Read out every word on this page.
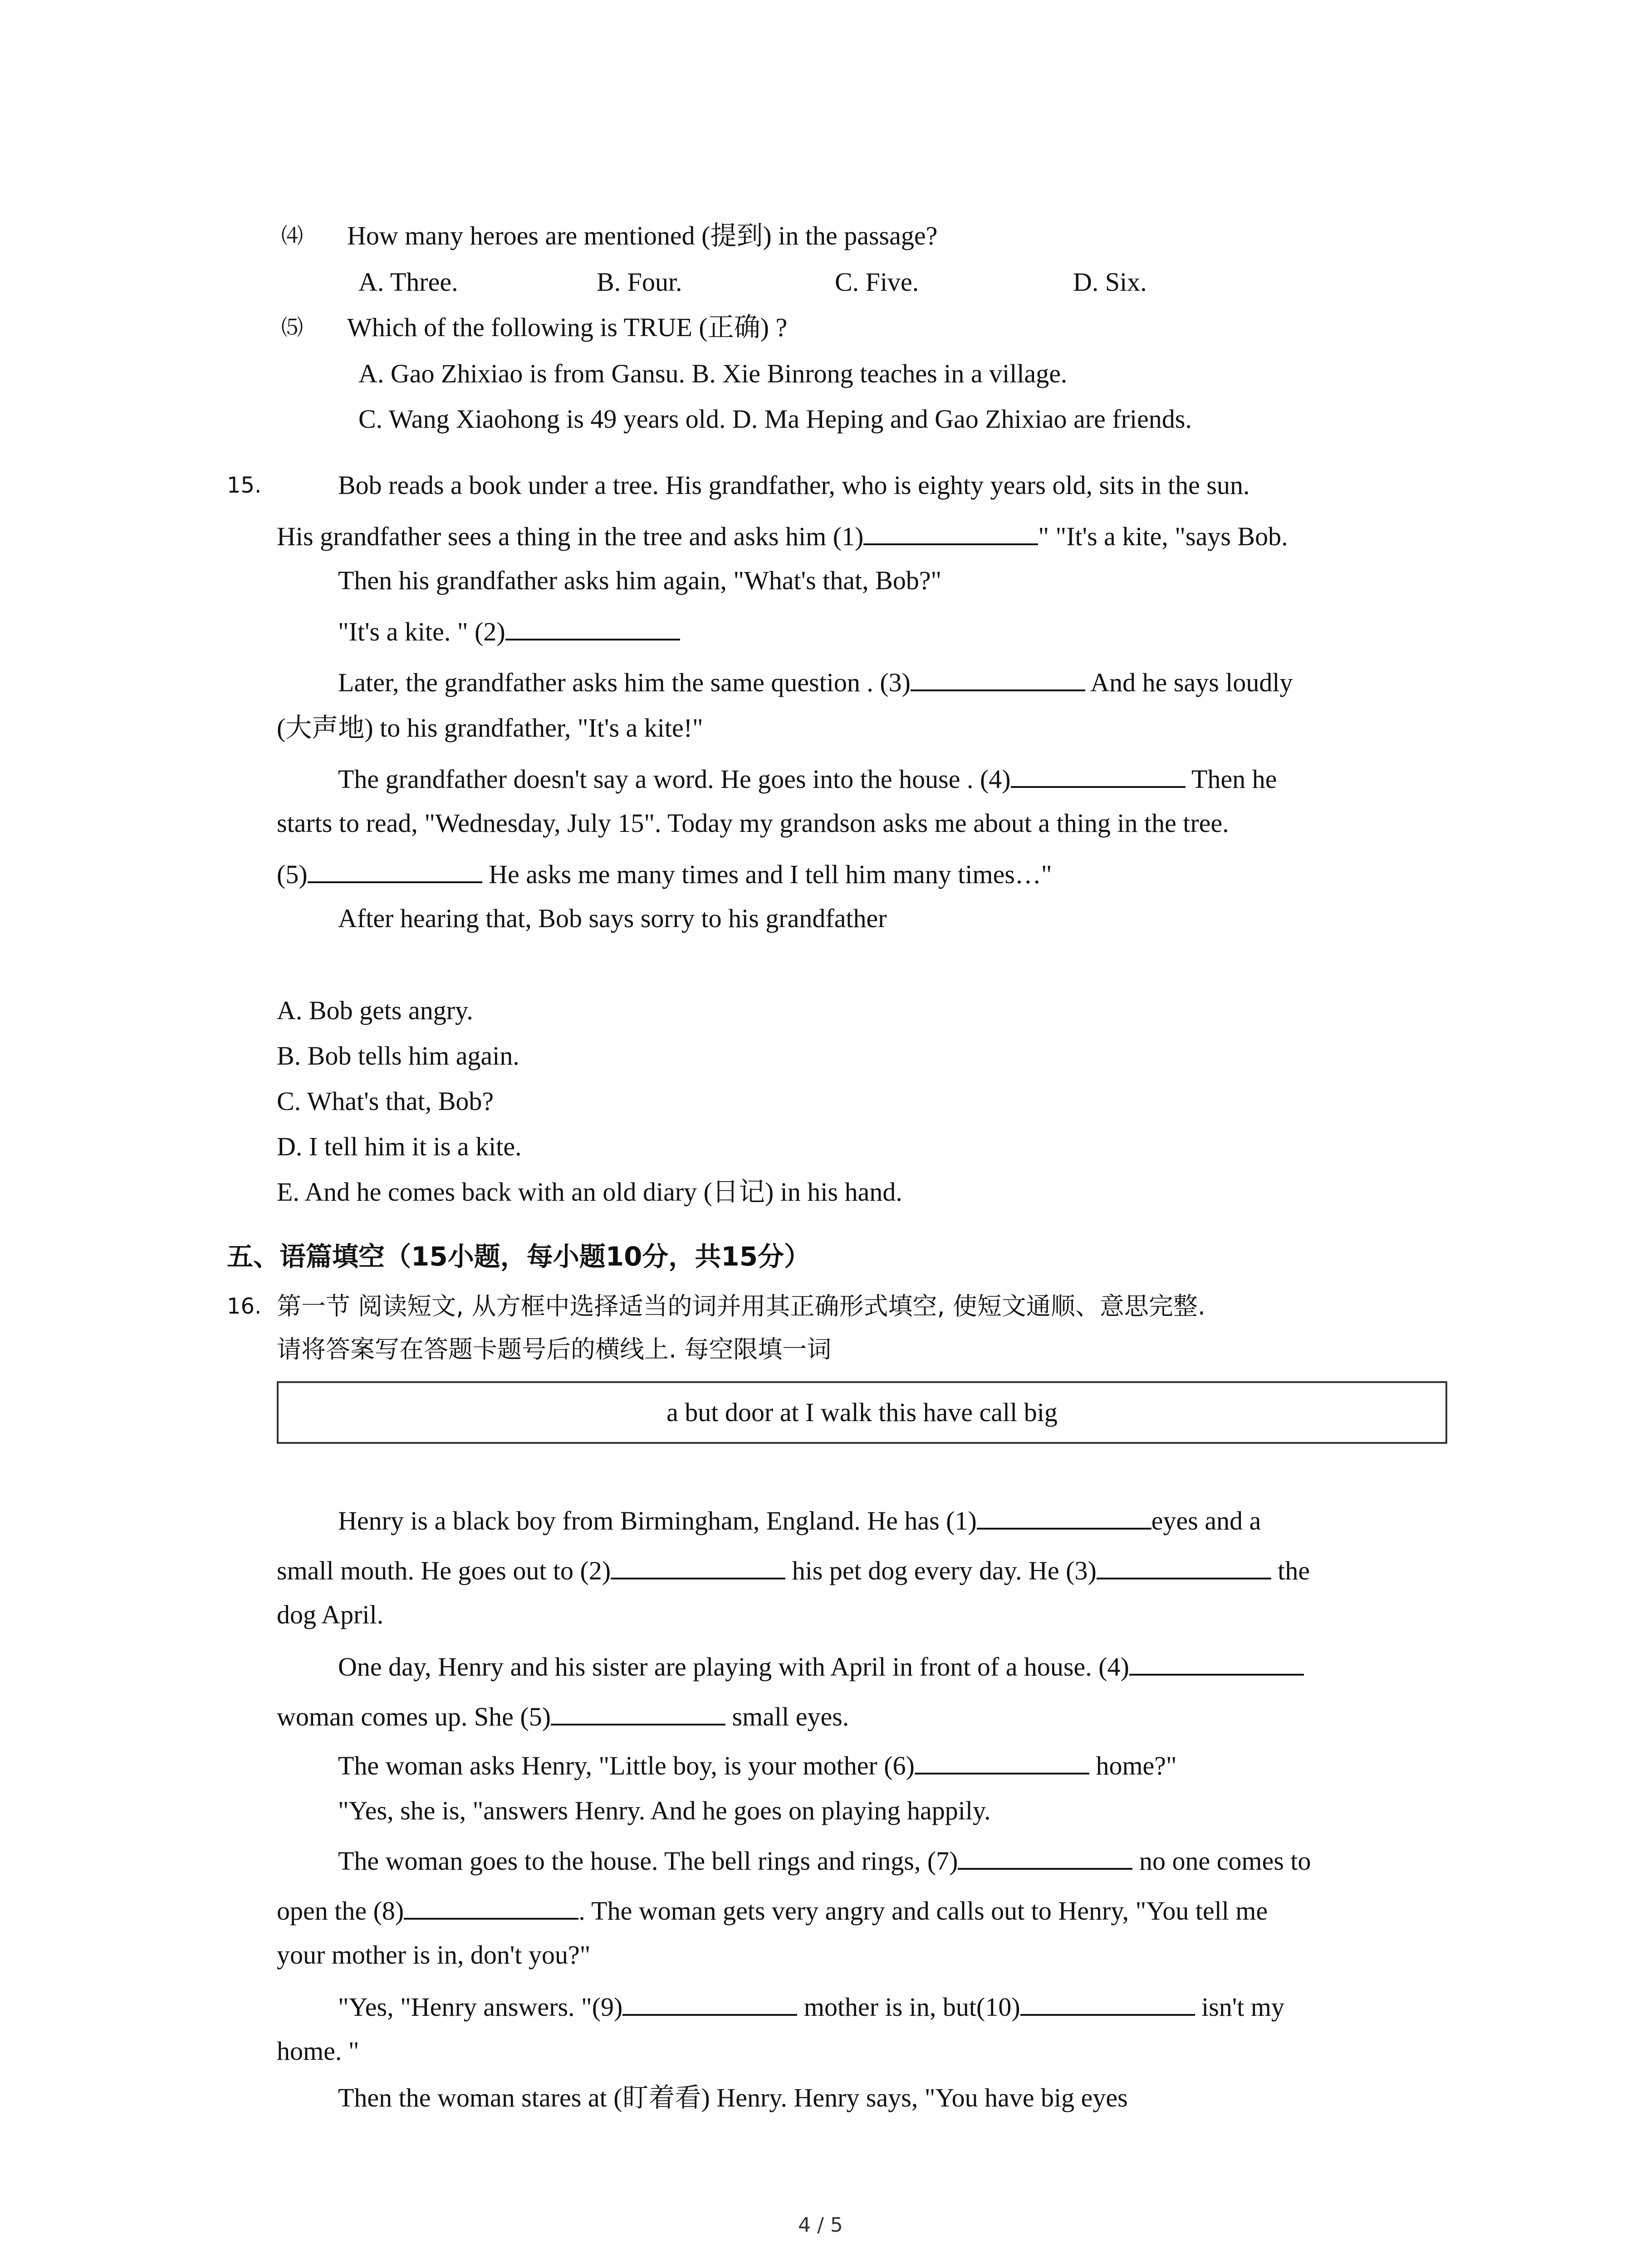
⑷ How many heroes are mentioned (提到) in the passage?
A. Three.	B. Four.	C. Five.	D. Six.
⑸ Which of the following is TRUE (正确) ?
A. Gao Zhixiao is from Gansu. B. Xie Binrong teaches in a village.
C. Wang Xiaohong is 49 years old. D. Ma Heping and Gao Zhixiao are friends.
15.	Bob reads a book under a tree. His grandfather, who is eighty years old, sits in the sun.
His grandfather sees a thing in the tree and asks him (1)	" "It's a kite, "says Bob.
Then his grandfather asks him again, "What's that, Bob?"
"It's a kite. " (2)
Later, the grandfather asks him the same question . (3)	And he says loudly
(大声地) to his grandfather, "It's a kite!"
The grandfather doesn't say a word. He goes into the house . (4)	Then he
starts to read, "Wednesday, July 15". Today my grandson asks me about a thing in the tree.
(5)	He asks me many times and I tell him many times…"
After hearing that, Bob says sorry to his grandfather
A. Bob gets angry.
B. Bob tells him again.
C. What's that, Bob?
D. I tell him it is a kite.
E. And he comes back with an old diary (日记) in his hand.
五、语篇填空（15小题，每小题10分，共15分）
16. 第一节 阅读短文, 从方框中选择适当的词并用其正确形式填空, 使短文通顺、意思完整.
请将答案写在答题卡题号后的横线上. 每空限填一词
a but door at I walk this have call big
Henry is a black boy from Birmingham, England. He has (1)	eyes and a
small mouth. He goes out to (2)	his pet dog every day. He (3)	the
dog April.
One day, Henry and his sister are playing with April in front of a house. (4)
woman comes up. She (5)	small eyes.
The woman asks Henry, "Little boy, is your mother (6)	home?"
"Yes, she is, "answers Henry. And he goes on playing happily.
The woman goes to the house. The bell rings and rings, (7)	no one comes to
open the (8)	. The woman gets very angry and calls out to Henry, "You tell me
your mother is in, don't you?"
"Yes, "Henry answers. "(9)	mother is in, but(10)	isn't my
home. "
Then the woman stares at (盯着看) Henry. Henry says, "You have big eyes
4 / 5
